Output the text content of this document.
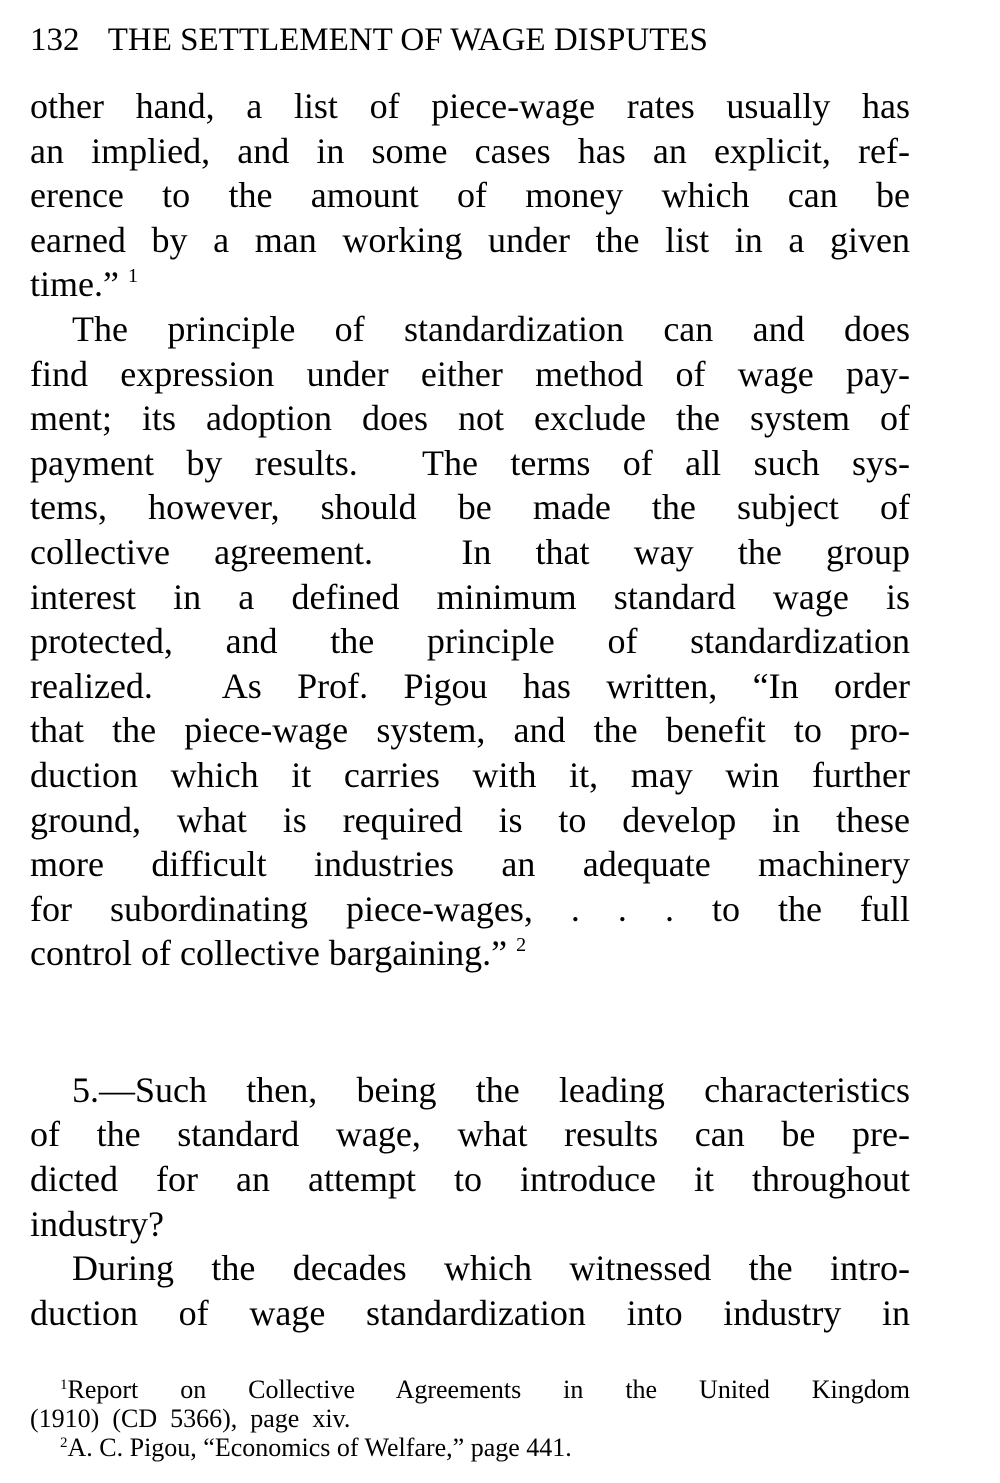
132 THE SETTLEMENT OF WAGE DISPUTES
other hand, a list of piece-wage rates usually has
an implied, and in some cases has an explicit, ref-
erence to the amount of money which can be
earned by a man working under the list in a given
time.” $^1$
The principle of standardization can and does
find expression under either method of wage pay-
ment; its adoption does not exclude the system of
payment by results.  The terms of all such sys-
tems, however, should be made the subject of
collective agreement.  In that way the group
interest in a defined minimum standard wage is
protected, and the principle of standardization
realized.  As Prof. Pigou has written, “In order
that the piece-wage system, and the benefit to pro-
duction which it carries with it, may win further
ground, what is required is to develop in these
more difficult industries an adequate machinery
for subordinating piece-wages, . . . to the full
control of collective bargaining.” $^2$
5.—Such then, being the leading characteristics
of the standard wage, what results can be pre-
dicted for an attempt to introduce it throughout
industry?
During the decades which witnessed the intro-
duction of wage standardization into industry in
$^1$Report on Collective Agreements in the United Kingdom
(1910)  (CD  5366),  page  xiv.
$^2$A. C. Pigou, “Economics of Welfare,” page 441.
